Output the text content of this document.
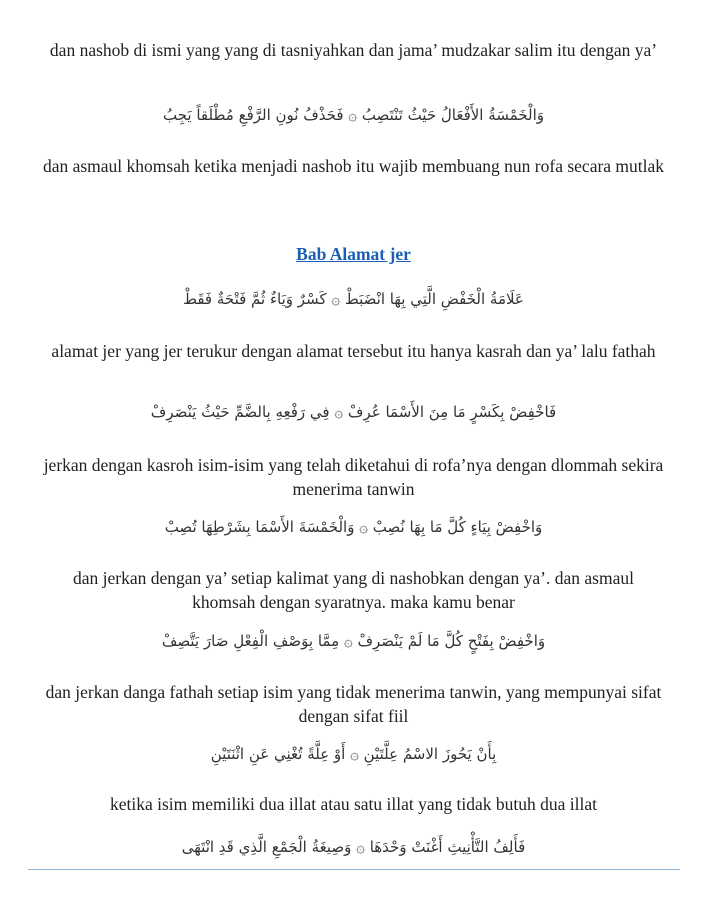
dan nashob di ismi yang yang di tasniyahkan dan jama’ mudzakar salim itu dengan ya’
وَالْخَمْسَةُ الأَفْعَالُ حَيْثُ تَنْتَصِبُ ۞ فَحَذْفُ نُونِ الرَّفْعِ مُطْلَقاً يَجِبُ
dan asmaul khomsah ketika menjadi nashob itu wajib membuang nun rofa secara mutlak
Bab Alamat jer
عَلَامَةُ الْخَفْضِ الَّتِي بِهَا انْضَبَطْ ۞ كَسْرٌ وَيَاءٌ ثُمَّ فَتْحَةٌ فَقَطْ
alamat jer yang jer terukur dengan alamat tersebut itu hanya kasrah dan ya’ lalu fathah
فَاخْفِضْ بِكَسْرٍ مَا مِنَ الأَسْمَا عُرِفْ ۞ فِي رَفْعِهِ بِالضَّمِّ حَيْثُ يَنْصَرِفْ
jerkan dengan kasroh isim-isim yang telah diketahui di rofa’nya dengan dlommah sekira menerima tanwin
وَاخْفِضْ بِيَاءٍ كُلَّ مَا بِهَا نُصِبْ ۞ وَالْخَمْسَةَ الأَسْمَا بِشَرْطِهَا تُصِبْ
dan jerkan dengan ya’ setiap kalimat yang di nashobkan dengan ya’. dan asmaul khomsah dengan syaratnya. maka kamu benar
وَاخْفِضْ بِفَتْحٍ كُلَّ مَا لَمْ يَنْصَرِفْ ۞ مِمَّا بِوَصْفِ الْفِعْلِ صَارَ يَتَّصِفْ
dan jerkan danga fathah setiap isim yang tidak menerima tanwin, yang mempunyai sifat dengan sifat fiil
بِأَنْ يَحُوزَ الاسْمُ عِلَّتَيْنِ ۞ أَوْ عِلَّةً تُغْنِي عَنِ اثْنَتَيْنِ
ketika isim memiliki dua illat atau satu illat yang tidak butuh dua illat
فَأَلِفُ التَّأْنِيثِ أَغْنَتْ وَحْدَهَا ۞ وَصِيغَةُ الْجَمْعِ الَّذِي قَدِ انْتَهَى
